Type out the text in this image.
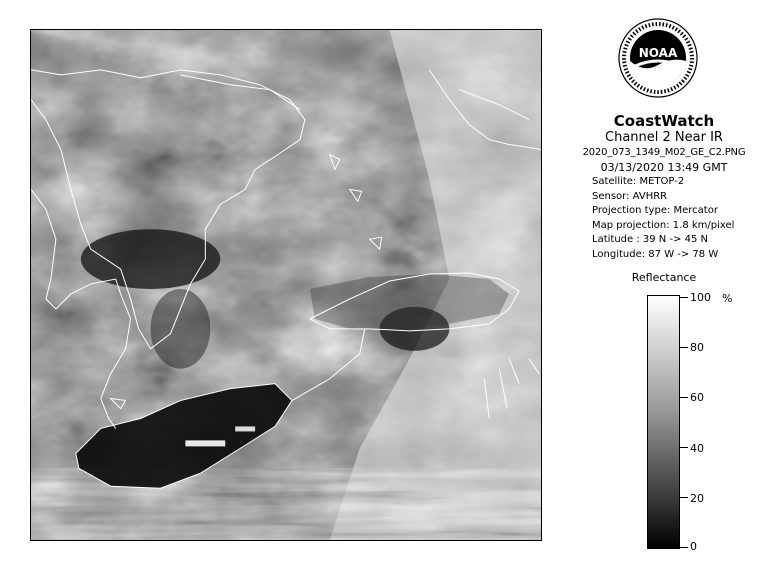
NOAA
CoastWatch
Channel 2 Near IR
2020_073_1349_M02_GE_C2.PNG
03/13/2020 13:49 GMT
Satellite: METOP-2
Sensor: AVHRR
Projection type: Mercator
Map projection: 1.8 km/pixel
Latitude : 39 N -> 45 N
Longitude: 87 W -> 78 W
Reflectance
%
100
80
60
40
20
0
